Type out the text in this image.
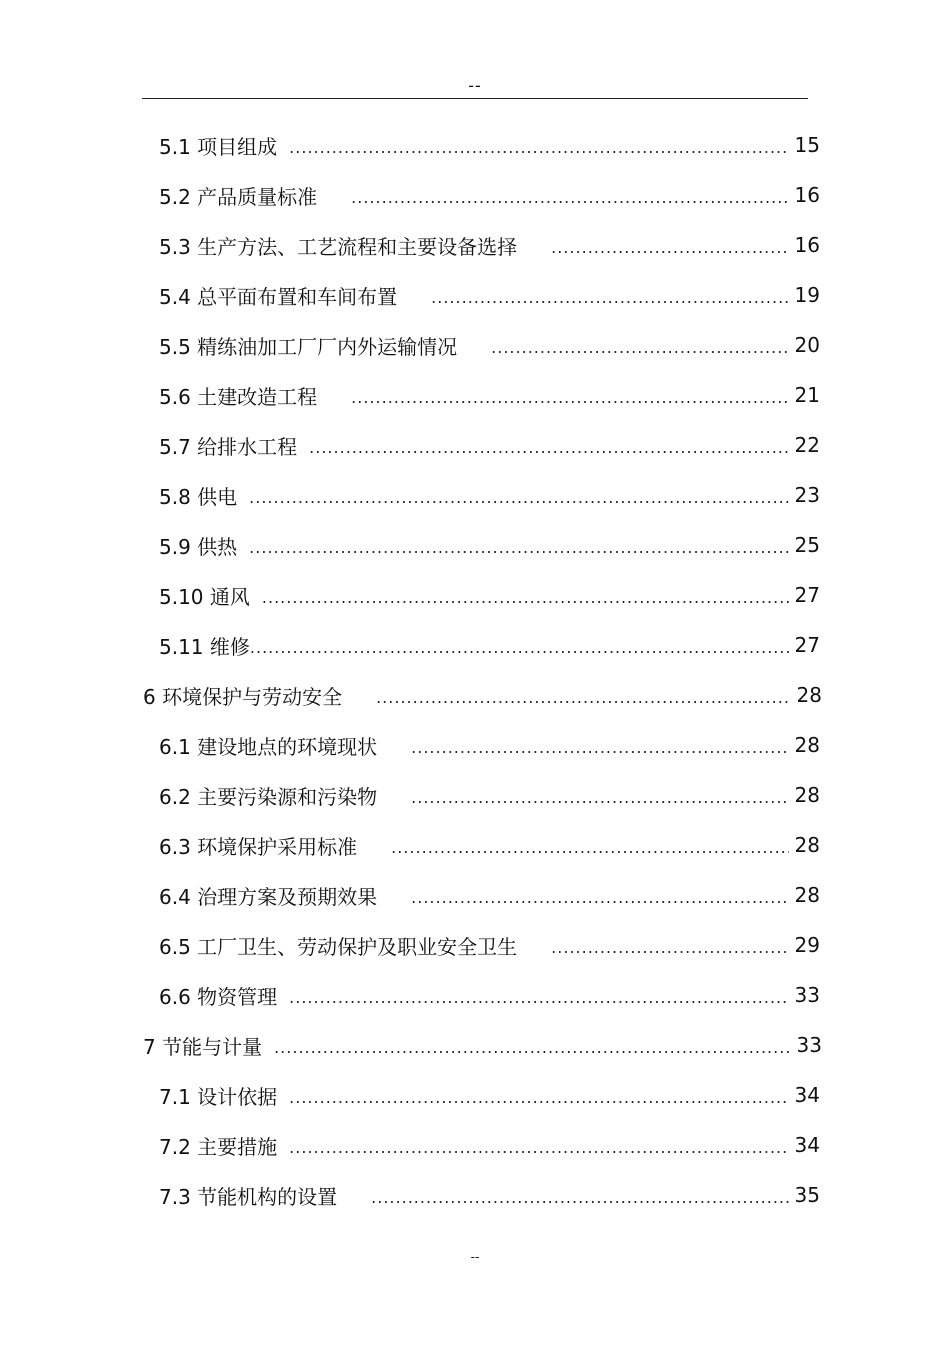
--
5.1 项目组成 .....	15
5.2 产品质量标准 .....	16
5.3 生产方法、工艺流程和主要设备选择 .....	16
5.4 总平面布置和车间布置 .....	19
5.5 精练油加工厂厂内外运输情况 .....	20
5.6 土建改造工程 .....	21
5.7 给排水工程 .....	22
5.8 供电 .....	23
5.9 供热 .....	25
5.10 通风 .....	27
5.11 维修 .....	27
6 环境保护与劳动安全 .....	28
6.1 建设地点的环境现状 .....	28
6.2 主要污染源和污染物 .....	28
6.3 环境保护采用标准 .....	28
6.4 治理方案及预期效果 .....	28
6.5 工厂卫生、劳动保护及职业安全卫生 .....	29
6.6 物资管理 .....	33
7 节能与计量 .....	33
7.1 设计依据 .....	34
7.2 主要措施 .....	34
7.3 节能机构的设置 .....	35
--
